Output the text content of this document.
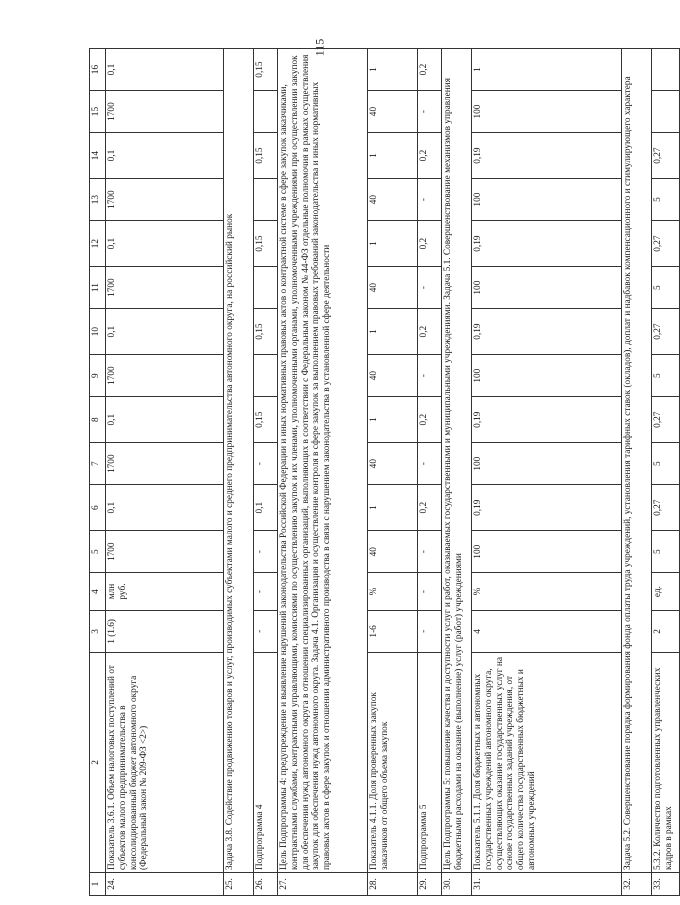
115
1	2	3	4	5	6	7	8	9	10	11	12	13	14	15	16
24.	Показатель 3.6.1. Объем налоговых поступлений от субъектов малого предпринимательства в консолидированный бюджет автономного округа (Федеральный закон № 209-ФЗ <2>)	1 (1.6)	млн руб.	1700	0,1	1700	0,1	1700	0,1	1700	0,1	1700	0,1	1700	0,1
25.	Задача 3.8. Содействие продвижению товаров и услуг, производимых субъектами малого и среднего предпринимательства автономного округа, на российский рынок														
26.	Подпрограмма 4	-	-	-	0,1	-	0,15		0,15		0,15		0,15		0,15
27.	Цель Подпрограммы 4: предупреждение и выявление нарушений законодательства Российской Федерации и иных нормативных правовых актов о контрактной системе в сфере закупок заказчиками, контрактными службами, контрактными управляющими, комиссиями по осуществлению закупок и их членами, уполномоченными органами, уполномоченными учреждениями при осуществлении закупок для обеспечения нужд автономного округа в отношении специализированных организаций, выполняющих в соответствии с Федеральным законом № 44-ФЗ отдельные полномочия в рамках осуществления закупок для обеспечения нужд автономного округа. Задача 4.1. Организация и осуществление контроля в сфере закупок за выполнением правовых требований законодательства и иных нормативных правовых актов в сфере закупок и отношении административного производства в связи с нарушением законодательства в установленной сфере деятельности														
28.	Показатель 4.1.1. Доля проверенных закупок заказчиков от общего объема закупок	1-6	%	40	1	40	1	40	1	40	1	40	1	40	1
29.	Подпрограмма 5	-	-	-	0,2	-	0,2	-	0,2	-	0,2	-	0,2	-	0,2
30.	Цель Подпрограммы 5: повышение качества и доступности услуг и работ, оказываемых государственными и муниципальными учреждениями. Задача 5.1. Совершенствование механизмов управления бюджетными расходами на оказание (выполнение) услуг (работ) учреждениями														
31.	Показатель 5.1.1. Доля бюджетных и автономных государственных учреждений автономного округа, осуществляющих оказание государственных услуг на основе государственных заданий учреждения, от общего количества государственных бюджетных и автономных учреждений	4	%	100	0,19	100	0,19	100	0,19	100	0,19	100	0,19	100	1
32.	Задача 5.2. Совершенствование порядка формирования фонда оплаты труда учреждений, установления тарифных ставок (окладов), доплат и надбавок компенсационного и стимулирующего характера														
33.	5.3.2. Количество подготовленных управленческих кадров в рамках	2	ед.	5	0,27	5	0,27	5	0,27	5	0,27	5	0,27		
